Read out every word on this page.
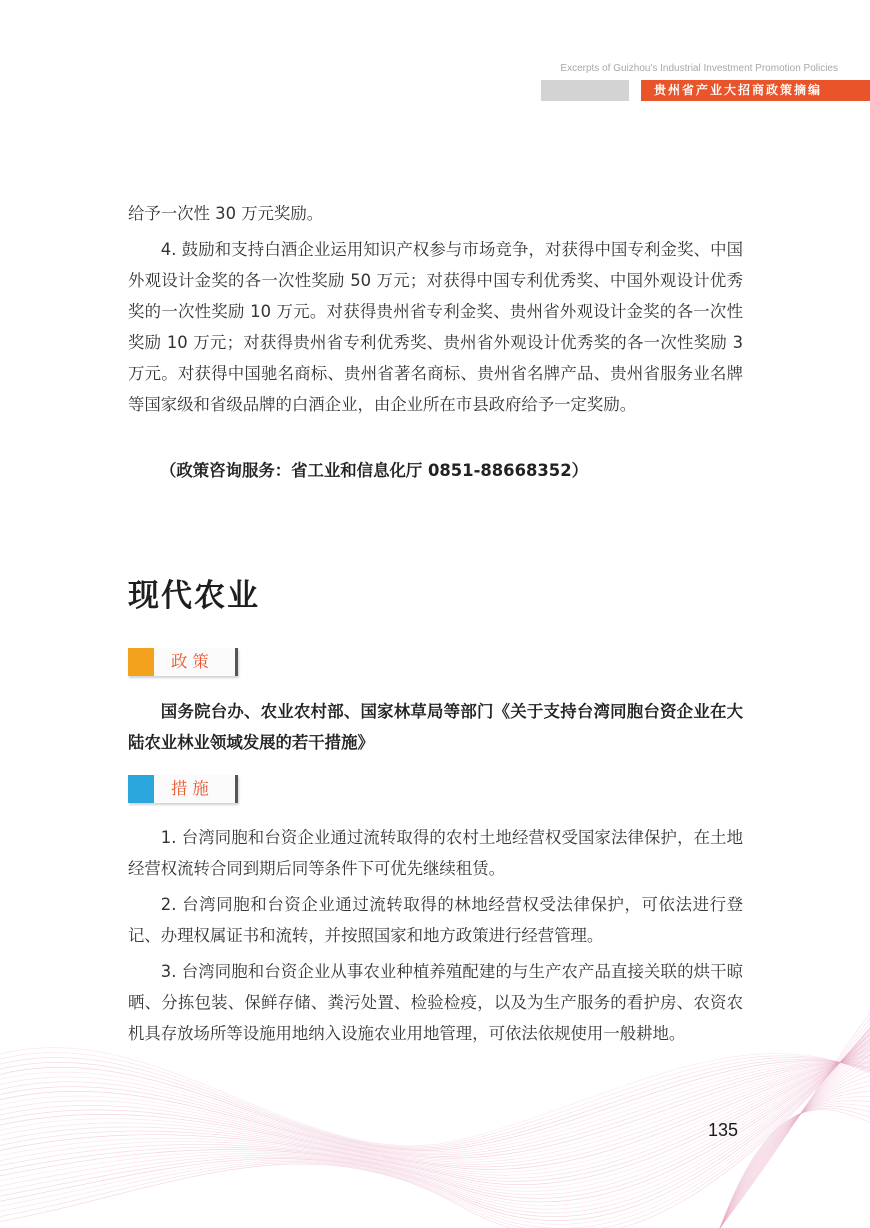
Excerpts of Guizhou's Industrial Investment Promotion Policies
贵州省产业大招商政策摘编

给予一次性 30 万元奖励。

4. 鼓励和支持白酒企业运用知识产权参与市场竞争，对获得中国专利金奖、中国外观设计金奖的各一次性奖励 50 万元；对获得中国专利优秀奖、中国外观设计优秀奖的一次性奖励 10 万元。对获得贵州省专利金奖、贵州省外观设计金奖的各一次性奖励 10 万元；对获得贵州省专利优秀奖、贵州省外观设计优秀奖的各一次性奖励 3 万元。对获得中国驰名商标、贵州省著名商标、贵州省名牌产品、贵州省服务业名牌等国家级和省级品牌的白酒企业，由企业所在市县政府给予一定奖励。

（政策咨询服务：省工业和信息化厅 0851-88668352）
现代农业
政策
国务院台办、农业农村部、国家林草局等部门《关于支持台湾同胞台资企业在大陆农业林业领域发展的若干措施》
措施

1. 台湾同胞和台资企业通过流转取得的农村土地经营权受国家法律保护，在土地经营权流转合同到期后同等条件下可优先继续租赁。

2. 台湾同胞和台资企业通过流转取得的林地经营权受法律保护，可依法进行登记、办理权属证书和流转，并按照国家和地方政策进行经营管理。

3. 台湾同胞和台资企业从事农业种植养殖配建的与生产农产品直接关联的烘干晾晒、分拣包装、保鲜存储、粪污处置、检验检疫，以及为生产服务的看护房、农资农机具存放场所等设施用地纳入设施农业用地管理，可依法依规使用一般耕地。

135
